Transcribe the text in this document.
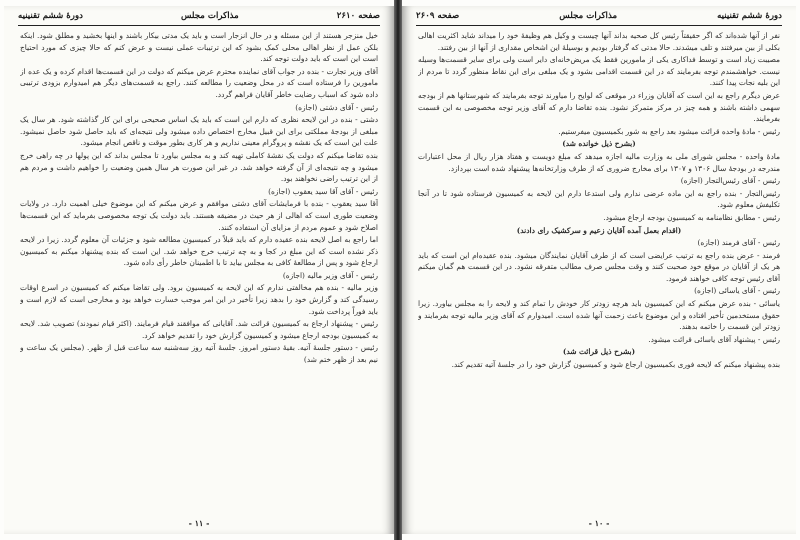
صفحه ۲۶۱۰
مذاکرات مجلس
دورهٔ ششم تقنینیه

خیل منزجر هستند از این مسئله و در حال انزجار است و باید یک مدتی بیکار باشند و اینها بخشید و مطلق شود. اینکه بلکن عمل از نظر اهالی محلی کمک بشود که این ترتیبات عملی نیست و عرض کنم که حالا چیزی که مورد احتیاج است این است که باید دولت توجه کند.

آقای وزیر تجارت - بنده در جواب آقای نماینده محترم عرض میکنم که دولت در این قسمت‌ها اقدام کرده و یک عده از مامورین را فرستاده است که در محل وضعیت را مطالعه کنند. راجع به قسمت‌های دیگر هم امیدوارم بزودی ترتیبی داده شود که اسباب رضایت خاطر آقایان فراهم گردد.

رئیس - آقای دشتی (اجازه)

دشتی - بنده در این لایحه نظری که دارم این است که باید یک اساس صحیحی برای این کار گذاشته شود. هر سال یک مبلغی از بودجهٔ مملکتی برای این قبیل مخارج اختصاص داده میشود ولی نتیجه‌ای که باید حاصل شود حاصل نمیشود. علت این است که یک نقشه و پروگرام معینی نداریم و هر کاری بطور موقت و ناقص انجام میشود.

بنده تقاضا میکنم که دولت یک نقشهٔ کاملی تهیه کند و به مجلس بیاورد تا مجلس بداند که این پولها در چه راهی خرج میشود و چه نتیجه‌ای از آن گرفته خواهد شد. در غیر این صورت هر سال همین وضعیت را خواهیم داشت و مردم هم از این ترتیب راضی نخواهند بود.

رئیس - آقای آقا سید یعقوب (اجازه)

آقا سید یعقوب - بنده با فرمایشات آقای دشتی موافقم و عرض میکنم که این موضوع خیلی اهمیت دارد. در ولایات وضعیت طوری است که اهالی از هر حیث در مضیقه هستند. باید دولت یک توجه مخصوصی بفرماید که این قسمت‌ها اصلاح شود و عموم مردم از مزایای آن استفاده کنند.

اما راجع به اصل لایحه بنده عقیده دارم که باید قبلاً در کمیسیون مطالعه شود و جزئیات آن معلوم گردد. زیرا در لایحه ذکر نشده است که این مبلغ در کجا و به چه ترتیب خرج خواهد شد. این است که بنده پیشنهاد میکنم به کمیسیون ارجاع شود و پس از مطالعهٔ کافی به مجلس بیاید تا با اطمینان خاطر رأی داده شود.

رئیس - آقای وزیر مالیه (اجازه)

وزیر مالیه - بنده هم مخالفتی ندارم که این لایحه به کمیسیون برود. ولی تقاضا میکنم که کمیسیون در اسرع اوقات رسیدگی کند و گزارش خود را بدهد زیرا تأخیر در این امر موجب خسارت خواهد بود و مخارجی است که لازم است و باید فوراً پرداخت شود.

رئیس - پیشنهاد ارجاع به کمیسیون قرائت شد. آقایانی که موافقند قیام فرمایند. (اکثر قیام نمودند) تصویب شد. لایحه به کمیسیون بودجه ارجاع میشود و کمیسیون گزارش خود را تقدیم خواهد کرد.

رئیس - دستور جلسهٔ آتیه. بقیهٔ دستور امروز. جلسهٔ آتیه روز سه‌شنبه سه ساعت قبل از ظهر. (مجلس یک ساعت و نیم بعد از ظهر ختم شد)

- ۱۱ -
دورهٔ ششم تقنینیه
مذاکرات مجلس
صفحه ۲۶۰۹

نفر از آنها شده‌اند که اگر حقیقتاً رئیس کل صحیه بداند آنها چیست و وکیل هم وظیفهٔ خود را میداند شاید اکثریت اهالی بکلی از بین میرفتند و تلف میشدند. حالا مدتی که گرفتار بودیم و بوسیلهٔ این اشخاص مقداری از آنها از بین رفتند.

مصیبت زیاد است و توسط فداکاری یکی از مامورین فقط یک مریض‌خانه‌ای دایر است ولی برای سایر قسمت‌ها وسیله نیست. خواهشمندم توجه بفرمایند که در این قسمت اقدامی بشود و یک مبلغی برای این نقاط منظور گردد تا مردم از این بلیه نجات پیدا کنند.

عرض دیگرم راجع به این است که آقایان وزراء در موقعی که لوایح را میاورند توجه بفرمایند که شهرستانها هم از بودجه سهمی داشته باشند و همه چیز در مرکز متمرکز نشود. بنده تقاضا دارم که آقای وزیر توجه مخصوصی به این قسمت بفرمایند.

رئیس - مادهٔ واحده قرائت میشود بعد راجع به شور بکمیسیون میفرستیم.

(بشرح ذیل خوانده شد)

مادهٔ واحده - مجلس شورای ملی به وزارت مالیه اجازه میدهد که مبلغ دویست و هفتاد هزار ریال از محل اعتبارات مندرجه در بودجهٔ سال ۱۳۰۶ و ۱۳۰۷ برای مخارج ضروری که از طرف وزارتخانه‌ها پیشنهاد شده است بپردازد.

رئیس - آقای رئیس‌التجار (اجازه)

رئیس‌التجار - بنده راجع به این ماده عرضی ندارم ولی استدعا دارم این لایحه به کمیسیون فرستاده شود تا در آنجا تکلیفش معلوم شود.

رئیس - مطابق نظامنامه به کمیسیون بودجه ارجاع میشود.

(اقدام بعمل آمده آقایان زعیم و سرکشیک رای دادند)

رئیس - آقای فرمند (اجازه)

فرمند - عرض بنده راجع به ترتیب عرایضی است که از طرف آقایان نمایندگان میشود. بنده عقیده‌ام این است که باید هر یک از آقایان در موقع خود صحبت کنند و وقت مجلس صرف مطالب متفرقه نشود. در این قسمت هم گمان میکنم آقای رئیس توجه کافی خواهند فرمود.

رئیس - آقای یاسائی (اجازه)

یاسائی - بنده عرض میکنم که این کمیسیون باید هرچه زودتر کار خودش را تمام کند و لایحه را به مجلس بیاورد. زیرا حقوق مستخدمین تأخیر افتاده و این موضوع باعث زحمت آنها شده است. امیدوارم که آقای وزیر مالیه توجه بفرمایند و زودتر این قسمت را خاتمه بدهند.

رئیس - پیشنهاد آقای یاسائی قرائت میشود.

(بشرح ذیل قرائت شد)

بنده پیشنهاد میکنم که لایحه فوری بکمیسیون ارجاع شود و کمیسیون گزارش خود را در جلسهٔ آتیه تقدیم کند.

- ۱۰ -
